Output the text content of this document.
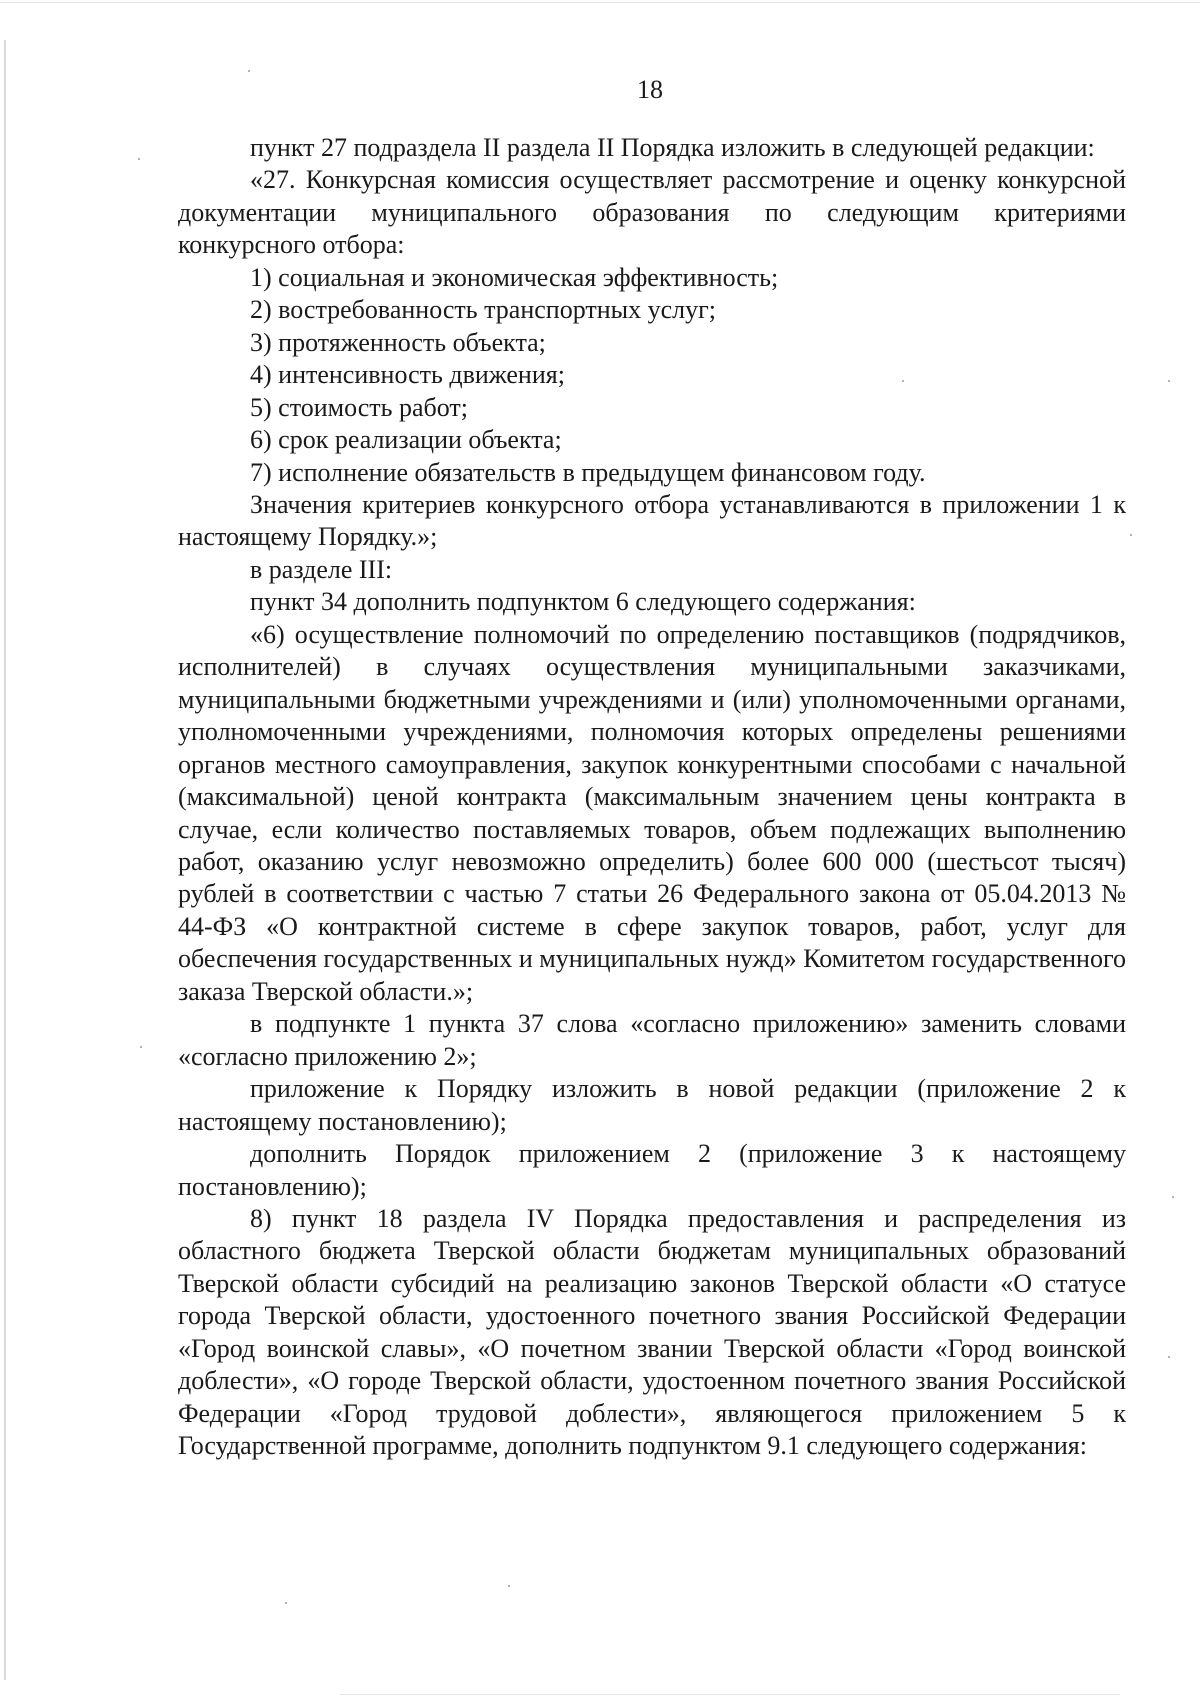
18

пункт 27 подраздела II раздела II Порядка изложить в следующей редакции:

«27. Конкурсная комиссия осуществляет рассмотрение и оценку конкурсной документации муниципального образования по следующим критериями конкурсного отбора:

1) социальная и экономическая эффективность;

2) востребованность транспортных услуг;

3) протяженность объекта;

4) интенсивность движения;

5) стоимость работ;

6) срок реализации объекта;

7) исполнение обязательств в предыдущем финансовом году.

Значения критериев конкурсного отбора устанавливаются в приложении 1 к настоящему Порядку.»;

в разделе III:

пункт 34 дополнить подпунктом 6 следующего содержания:

«6) осуществление полномочий по определению поставщиков (подрядчиков, исполнителей) в случаях осуществления муниципальными заказчиками, муниципальными бюджетными учреждениями и (или) уполномоченными органами, уполномоченными учреждениями, полномочия которых определены решениями органов местного самоуправления, закупок конкурентными способами с начальной (максимальной) ценой контракта (максимальным значением цены контракта в случае, если количество поставляемых товаров, объем подлежащих выполнению работ, оказанию услуг невозможно определить) более 600 000 (шестьсот тысяч) рублей в соответствии с частью 7 статьи 26 Федерального закона от 05.04.2013 № 44-ФЗ «О контрактной системе в сфере закупок товаров, работ, услуг для обеспечения государственных и муниципальных нужд» Комитетом государственного заказа Тверской области.»;

в подпункте 1 пункта 37 слова «согласно приложению» заменить словами «согласно приложению 2»;

приложение к Порядку изложить в новой редакции (приложение 2 к настоящему постановлению);

дополнить Порядок приложением 2 (приложение 3 к настоящему постановлению);

8) пункт 18 раздела IV Порядка предоставления и распределения из областного бюджета Тверской области бюджетам муниципальных образований Тверской области субсидий на реализацию законов Тверской области «О статусе города Тверской области, удостоенного почетного звания Российской Федерации «Город воинской славы», «О почетном звании Тверской области «Город воинской доблести», «О городе Тверской области, удостоенном почетного звания Российской Федерации «Город трудовой доблести», являющегося приложением 5 к Государственной программе, дополнить подпунктом 9.1 следующего содержания:
